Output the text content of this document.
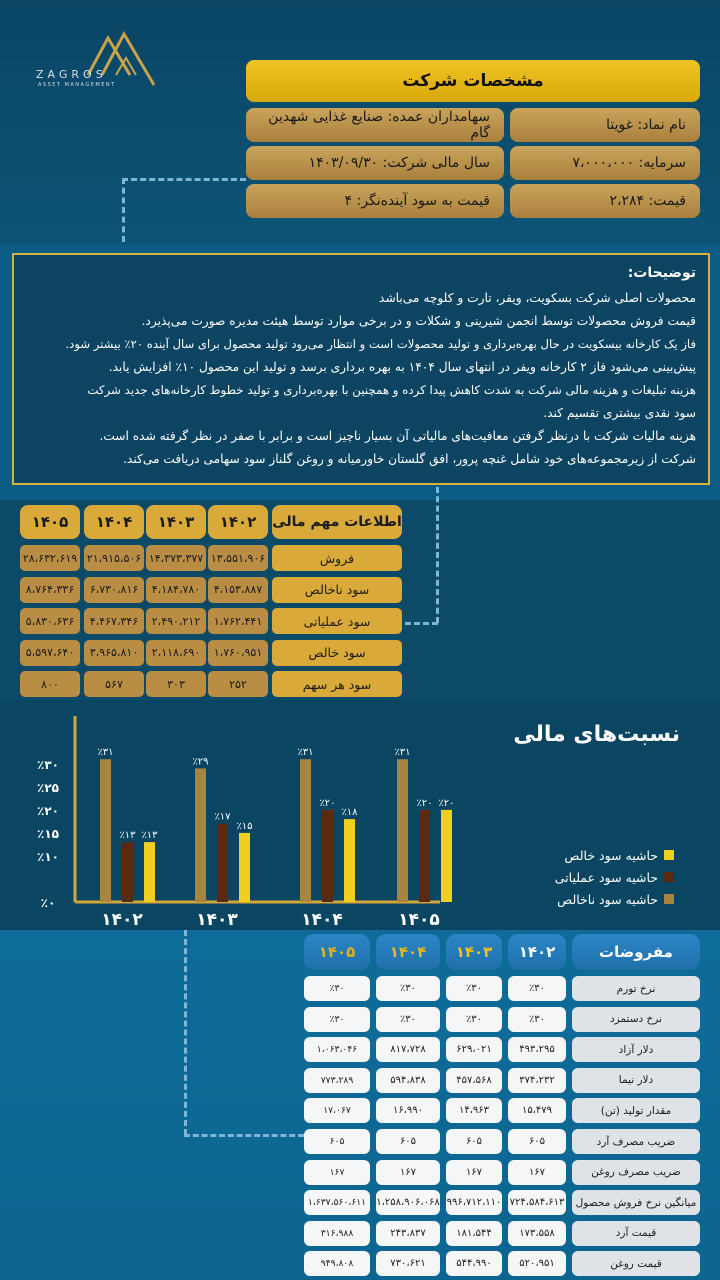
ZAGROS
ASSET MANAGEMENT	مشخصات شرکت
نام نماد: غویتا
سهامداران عمده: صنایع غذایی شهدین گام
سرمایه: ۷،۰۰۰،۰۰۰
سال مالی شرکت: ۱۴۰۳/۰۹/۳۰
قیمت: ۲،۲۸۴
قیمت به سود آینده‌نگر: ۴
توضیحات:
محصولات اصلی شرکت بسکویت، ویفر، تارت و کلوچه می‌باشد
قیمت فروش محصولات توسط انجمن شیرینی و شکلات و در برخی موارد توسط هیئت مدیره صورت می‌پذیرد.
فاز یک کارخانه بیسکویت در حال بهره‌برداری و تولید محصولات است و انتظار می‌رود تولید محصول برای سال آینده ۲۰٪ بیشتر شود.
پیش‌بینی می‌شود فاز ۲ کارخانه ویفر در انتهای سال ۱۴۰۴ به بهره برداری برسد و تولید این محصول ۱۰٪ افزایش یابد.
هزینه تبلیغات و هزینه مالی شرکت به شدت کاهش پیدا کرده و همچنین با بهره‌برداری و تولید خطوط کارخانه‌های جدید شرکت
سود نقدی بیشتری تقسیم کند.
هزینه مالیات شرکت با درنظر گرفتن معافیت‌های مالیاتی آن بسیار ناچیز است و برابر با صفر در نظر گرفته شده است.
شرکت از زیرمجموعه‌های خود شامل غنچه پرور، افق گلستان خاورمیانه و روغن گلناز سود سهامی دریافت می‌کند.
اطلاعات مهم مالی
۱۴۰۲
۱۴۰۳
۱۴۰۴
۱۴۰۵
فروش
۱۳،۵۵۱،۹۰۶
۱۴،۳۷۳،۳۷۷
۲۱،۹۱۵،۵۰۶
۲۸،۶۳۲،۶۱۹
سود ناخالص
۴،۱۵۳،۸۸۷
۴،۱۸۴،۷۸۰
۶،۷۳۰،۸۱۶
۸،۷۶۴،۳۳۶
سود عملیاتی
۱،۷۶۲،۴۴۱
۲،۴۹۰،۲۱۲
۴،۴۶۷،۳۴۶
۵،۸۳۰،۶۳۶
سود خالص
۱،۷۶۰،۹۵۱
۲،۱۱۸،۶۹۰
۳،۹۶۵،۸۱۰
۵،۵۹۷،۶۴۰
سود هر سهم
۲۵۲
۳۰۳
۵۶۷
۸۰۰
نسبت‌های مالی
٪۰
٪۱۰
٪۱۵
٪۲۰
٪۲۵
٪۳۰
٪۳۱
٪۱۳ ٪۱۳
۱۴۰۲
٪۲۹
٪۱۷
٪۱۵
۱۴۰۳
٪۳۱
٪۲۰
٪۱۸
۱۴۰۴
٪۳۱
٪۲۰ ٪۲۰
۱۴۰۵
حاشیه سود خالص
حاشیه سود عملیاتی
حاشیه سود ناخالص
مفروضات
۱۴۰۲
۱۴۰۳
۱۴۰۴
۱۴۰۵
نرخ تورم
٪۳۰
٪۳۰
٪۳۰
٪۳۰
نرخ دستمزد
٪۳۰
٪۳۰
٪۳۰
٪۳۰
دلار آزاد
۴۹۳،۲۹۵
۶۲۹،۰۲۱
۸۱۷،۷۲۸
۱،۰۶۳،۰۴۶
دلار نیما
۳۷۴،۲۳۲
۴۵۷،۵۶۸
۵۹۴،۸۳۸
۷۷۳،۲۸۹
مقدار تولید (تن)
۱۵،۴۷۹
۱۴،۹۶۳
۱۶،۹۹۰
۱۷،۰۶۷
ضریب مصرف آرد
۶۰۵
۶۰۵
۶۰۵
۶۰۵
ضریب مصرف روغن
۱۶۷
۱۶۷
۱۶۷
۱۶۷
میانگین نرخ فروش محصول
۷۲۴،۵۸۴،۶۱۳
۹۹۶،۷۱۲،۱۱۰
۱،۲۵۸،۹۰۶،۰۶۸
۱،۶۳۷،۵۶۰،۶۱۱
قیمت آرد
۱۷۳،۵۵۸
۱۸۱،۵۴۴
۲۴۳،۸۳۷
۳۱۶،۹۸۸
قیمت روغن
۵۲۰،۹۵۱
۵۴۴،۹۹۰
۷۳۰،۶۲۱
۹۴۹،۸۰۸
